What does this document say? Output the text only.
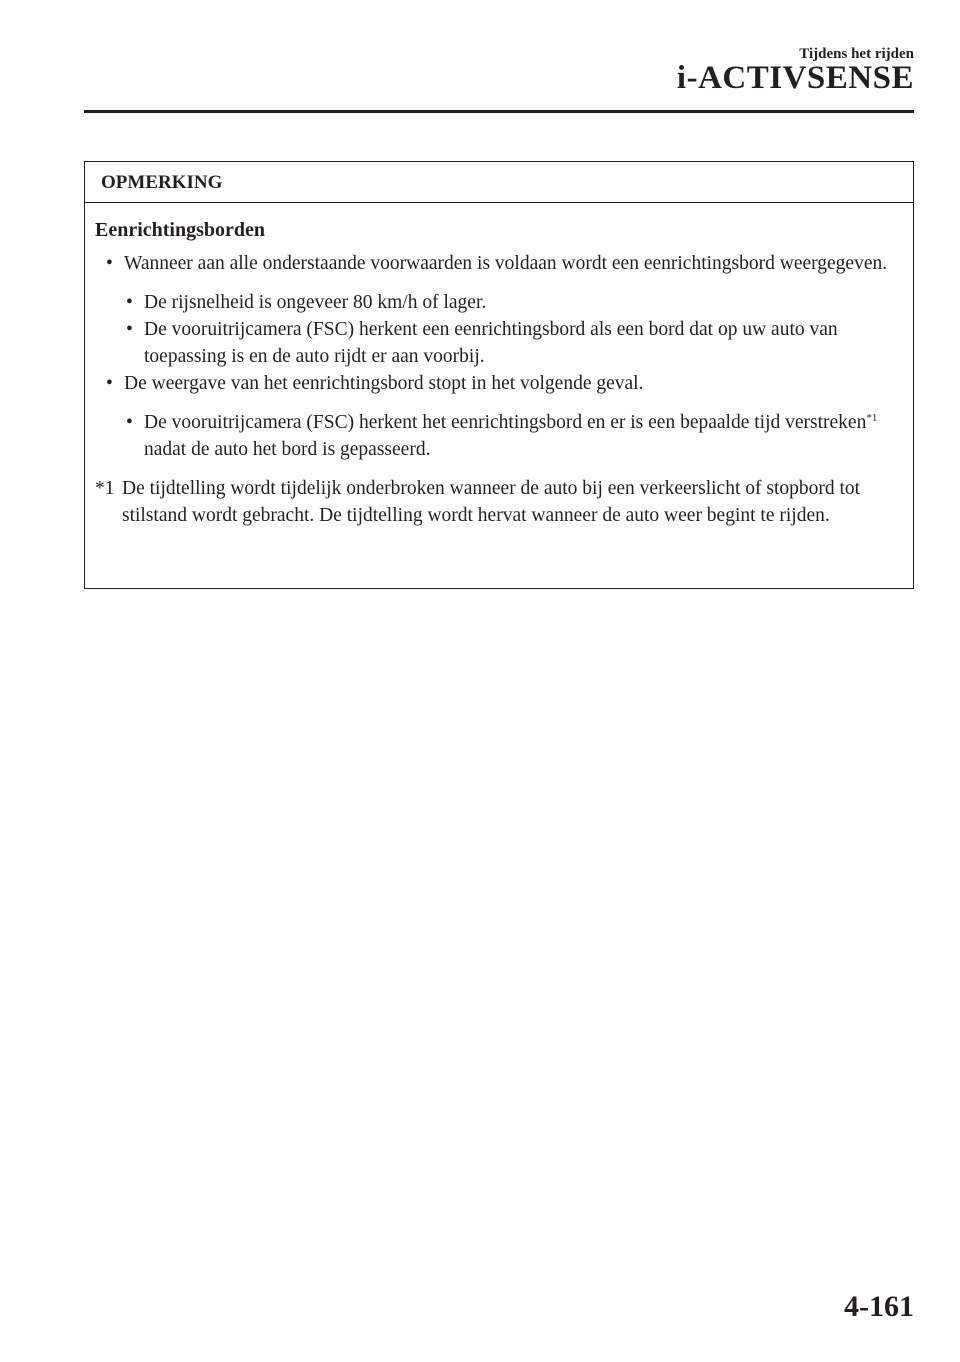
Tijdens het rijden
i-ACTIVSENSE
OPMERKING
Eenrichtingsborden
• Wanneer aan alle onderstaande voorwaarden is voldaan wordt een eenrichtingsbord weergegeven.
• De rijsnelheid is ongeveer 80 km/h of lager.
• De vooruitrijcamera (FSC) herkent een eenrichtingsbord als een bord dat op uw auto van toepassing is en de auto rijdt er aan voorbij.
• De weergave van het eenrichtingsbord stopt in het volgende geval.
• De vooruitrijcamera (FSC) herkent het eenrichtingsbord en er is een bepaalde tijd verstreken$^{*1}$ nadat de auto het bord is gepasseerd.
*1 De tijdtelling wordt tijdelijk onderbroken wanneer de auto bij een verkeerslicht of stopbord tot stilstand wordt gebracht. De tijdtelling wordt hervat wanneer de auto weer begint te rijden.
4-161
